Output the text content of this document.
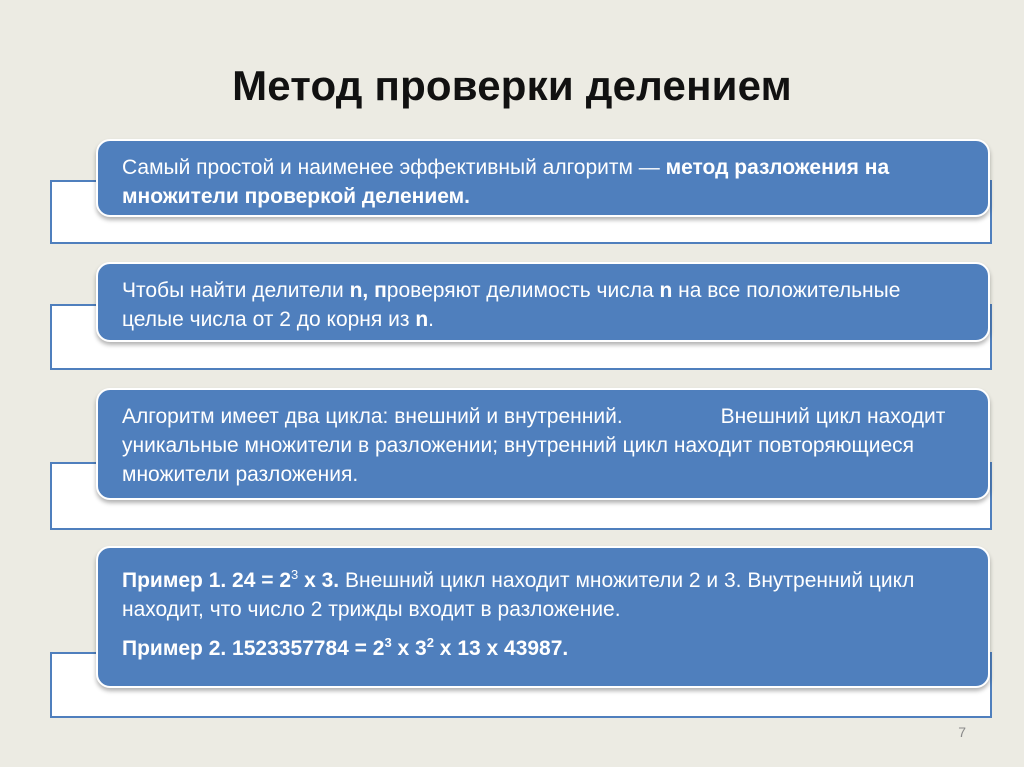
Метод проверки делением

Самый простой и наименее эффективный алгоритм — метод разложения на множители проверкой делением.

Чтобы найти делители n, проверяют делимость числа n на все положительные целые числа от 2 до корня из n.

Алгоритм имеет два цикла: внешний и внутренний.	Внешний цикл находит уникальные множители в разложении; внутренний цикл находит повторяющиеся множители разложения.

Пример 1. $24 = 2^3$ x 3. Внешний цикл находит множители 2 и 3. Внутренний цикл находит, что число 2 трижды входит в разложение.

Пример 2. $1523357784 = 2^3$ x $3^2$ x 13 x 43987.

7
